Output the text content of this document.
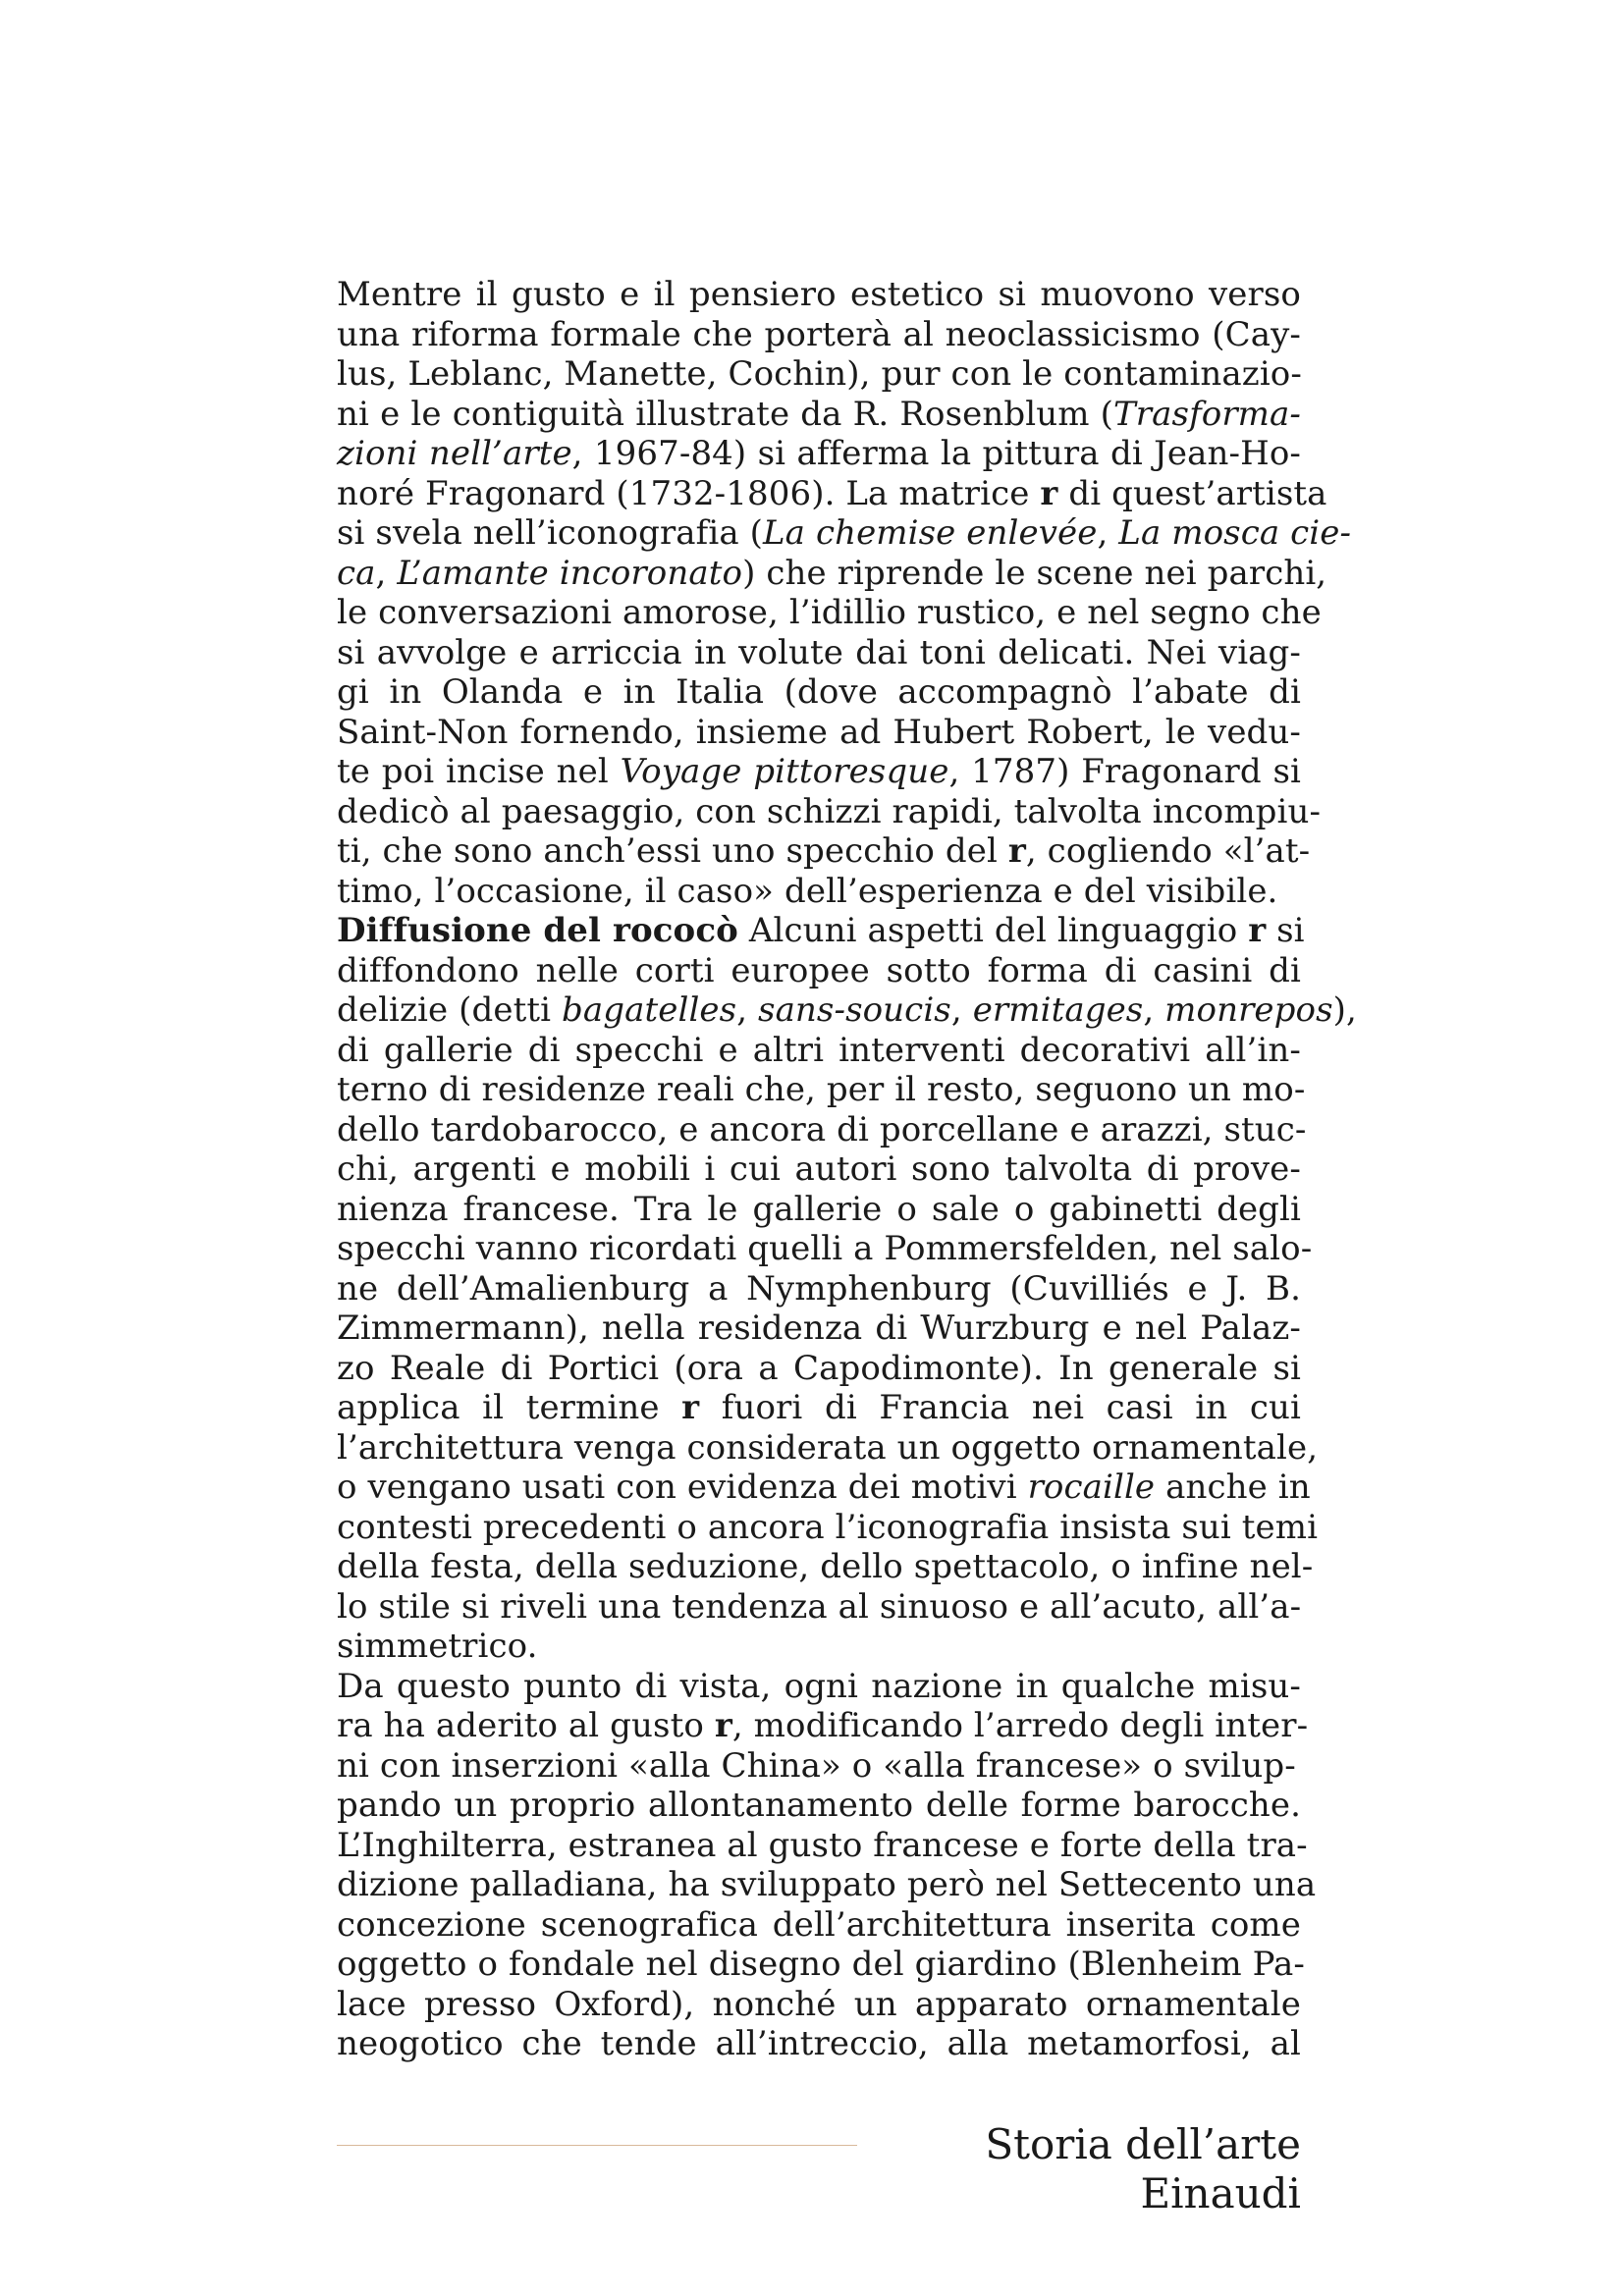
Mentre il gusto e il pensiero estetico si muovono verso
una riforma formale che porterà al neoclassicismo (Cay-
lus, Leblanc, Manette, Cochin), pur con le contaminazio-
ni e le contiguità illustrate da R. Rosenblum (Trasforma-
zioni nell’arte, 1967-84) si afferma la pittura di Jean-Ho-
noré Fragonard (1732-1806). La matrice r di quest’artista
si svela nell’iconografia (La chemise enlevée, La mosca cie-
ca, L’amante incoronato) che riprende le scene nei parchi,
le conversazioni amorose, l’idillio rustico, e nel segno che
si avvolge e arriccia in volute dai toni delicati. Nei viag-
gi in Olanda e in Italia (dove accompagnò l’abate di
Saint-Non fornendo, insieme ad Hubert Robert, le vedu-
te poi incise nel Voyage pittoresque, 1787) Fragonard si
dedicò al paesaggio, con schizzi rapidi, talvolta incompiu-
ti, che sono anch’essi uno specchio del r, cogliendo «l’at-
timo, l’occasione, il caso» dell’esperienza e del visibile.
Diffusione del rococò Alcuni aspetti del linguaggio r si
diffondono nelle corti europee sotto forma di casini di
delizie (detti bagatelles, sans-soucis, ermitages, monrepos),
di gallerie di specchi e altri interventi decorativi all’in-
terno di residenze reali che, per il resto, seguono un mo-
dello tardobarocco, e ancora di porcellane e arazzi, stuc-
chi, argenti e mobili i cui autori sono talvolta di prove-
nienza francese. Tra le gallerie o sale o gabinetti degli
specchi vanno ricordati quelli a Pommersfelden, nel salo-
ne dell’Amalienburg a Nymphenburg (Cuvilliés e J. B.
Zimmermann), nella residenza di Wurzburg e nel Palaz-
zo Reale di Portici (ora a Capodimonte). In generale si
applica il termine r fuori di Francia nei casi in cui
l’architettura venga considerata un oggetto ornamentale,
o vengano usati con evidenza dei motivi rocaille anche in
contesti precedenti o ancora l’iconografia insista sui temi
della festa, della seduzione, dello spettacolo, o infine nel-
lo stile si riveli una tendenza al sinuoso e all’acuto, all’a-
simmetrico.
Da questo punto di vista, ogni nazione in qualche misu-
ra ha aderito al gusto r, modificando l’arredo degli inter-
ni con inserzioni «alla China» o «alla francese» o svilup-
pando un proprio allontanamento delle forme barocche.
L’Inghilterra, estranea al gusto francese e forte della tra-
dizione palladiana, ha sviluppato però nel Settecento una
concezione scenografica dell’architettura inserita come
oggetto o fondale nel disegno del giardino (Blenheim Pa-
lace presso Oxford), nonché un apparato ornamentale
neogotico che tende all’intreccio, alla metamorfosi, al
Storia dell’arte Einaudi
